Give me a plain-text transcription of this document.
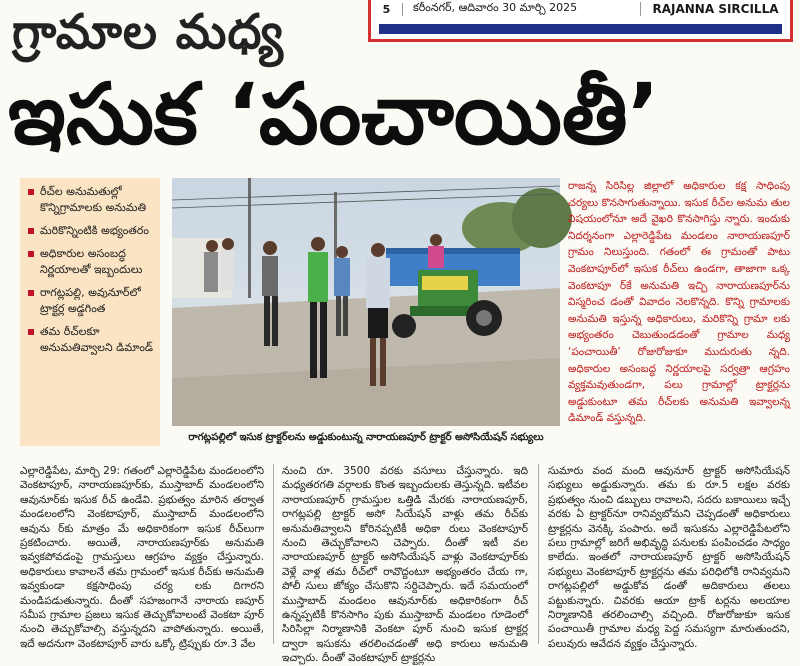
5	కరీంనగర్, ఆదివారం 30 మార్చి 2025	RAJANNA SIRCILLA
గ్రామాల మధ్య
ఇసుక ‘పంచాయితీ’
రీచ్‌ల అనుమతుల్లో కొన్నిగ్రామాలకు అనుమతి
మరికొన్నింటికి అభ్యంతరం
అధికారుల అసంబద్ధ నిర్ణయాలతో ఇబ్బందులు
రాగట్లపల్లి, అవునూర్‌లో ట్రాక్టర్ల అడ్డగింత
తమ రీచ్‌లకూ అనుమతివ్వాలని డిమాండ్
రాగట్లపల్లిలో ఇసుక ట్రాక్టర్‌లను అడ్డుకుంటున్న నారాయణపూర్ ట్రాక్టర్ అసోసియేషన్ సభ్యులు
రాజన్న సిరిసిల్ల జిల్లాలో అధికారుల కక్ష సాధింపు చర్యలు కొనసాగుతున్నాయి. ఇసుక రీచ్‌ల అనుమ తుల విషయంలోనూ అదే వైఖరి కొనసాగిస్తు న్నారు. ఇందుకు నిదర్శనంగా ఎల్లారెడ్డిపేట మండలం నారాయణపూర్ గ్రామం నిలుస్తుంది. గతంలో ఈ గ్రామంతో పాటు వెంకటాపూర్‌లో ఇసుక రీచ్‌లు ఉండగా, తాజాగా ఒక్క వెంకటాపూ ర్‌కే అనుమతి ఇచ్చి నారాయణపూర్‌ను విస్మరించ డంతో వివాదం నెలకొన్నది. కొన్ని గ్రామాలకు అనుమతి ఇస్తున్న అధికారులు, మరికొన్ని గ్రామా లకు అభ్యంతరం చెబుతుండడంతో గ్రామాల మధ్య ‘పంచాయితీ’ రోజురోజుకూ ముదురుతు న్నది. అధికారుల అసంబద్ధ నిర్ణయాలపై సర్వత్రా ఆగ్రహం వ్యక్తమవుతుండగా, పలు గ్రామాల్లో ట్రాక్టర్లను అడ్డుకుంటూ తమ రీచ్‌లకు అనుమతి ఇవ్వాలన్న డిమాండ్ వస్తున్నది.
ఎల్లారెడ్డిపేట, మార్చి 29: గతంలో ఎల్లారెడ్డిపేట మండలంలోని వెంకటాపూర్, నారాయణపూర్‌కు, ముస్తాబాద్ మండలంలోని ఆవునూర్‌కు ఇసుక రీచ్ ఉండేవి. ప్రభుత్వం మారిన తర్వాత మండలంలోని వెంకటాపూర్, ముస్తాబాద్ మండలంలోని ఆవును ర్‌కు మాత్రం మే అధికారికంగా ఇసుక రీచ్‌లుగా ప్రకటించారు. అయితే, నారాయణపూర్‌కు అనుమతి ఇవ్వకపోవడంపై గ్రామస్తులు ఆగ్రహం వ్యక్తం చేస్తున్నారు. అధికారులు కావాలనే తమ గ్రామంలో ఇసుక రీచ్‌కు అనుమతి ఇవ్వకుండా కక్షసాధింపు చర్య లకు దిగారని మండిపడుతున్నారు. దీంతో సహజంగానే నారాయ ణపూర్ సమీప గ్రామాల ప్రజలు ఇసుక తెచ్చుకోవాలంటే వెంకటా పూర్ నుంచి తెచ్చుకోవాల్సి వస్తున్నదని వాపోతున్నారు. అయితే, ఇదే అదనుగా వెంకటాపూర్ వారు ఒక్కో ట్రిప్పుకు రూ.3 వేల
నుంచి రూ. 3500 వరకు వసూలు చేస్తున్నారు. ఇది మధ్యతరగతి వర్గాలకు కొంత ఇబ్బందులకు తెస్తున్నది. ఇటీవల నారాయణపూర్ గ్రామస్తుల ఒత్తిడి మేరకు నారాయణపూర్, రాగట్లపల్లి ట్రాక్టర్ అసో సియేషన్ వాళ్లు తమ రీచ్‌కు అనుమతివ్వాలని కోరినప్పటికీ అధికా రులు వెంకటాపూర్ నుంచి తెచ్చుకోవాలని చెప్పారు. దీంతో ఇటీ వల నారాయణపూర్ ట్రాక్టర్ అసోసియేషన్ వాళ్లు వెంకటాపూర్‌కు వెళ్లే వాళ్ల తమ రీచ్‌లో రావొద్దంటూ అభ్యంతరం చేయ గా, పోలీ సులు జోక్యం చేసుకొని సర్దిచెప్పారు. ఇదే సమయంలో ముస్తాబాద్ మండలం ఆవునూర్‌కు అధికారికంగా రీచ్ ఉన్నప్పటికీ కొనసాగిం పుకు ముస్తాబాద్ మండలం గూడెంలో సిరిసిల్లా నిర్మాణానికి వెంకటా పూర్ నుంచి ఇసుక ట్రాక్టర్ల ద్వారా ఇసుకను తరలించడంతో అధి కారులు అనుమతి ఇచ్చారు. దీంతో వెంకటాపూర్ ట్రాక్టర్లను
సుమారు వంద మంది ఆవునూర్ ట్రాక్టర్ అసోసియేషన్ సభ్యులు అడ్డుకున్నారు. తమ కు రూ.5 లక్షల వరకు ప్రభుత్వం నుంచి డబ్బులు రావాలని, సదరు బకాయిలు ఇచ్చే వరకు ఏ ట్రాక్టర్‌నూ రానివ్వబోమని చెప్పడంతో అధికారులు ట్రాక్టర్లను వెనక్కి పంపారు. అదే ఇసుకను ఎల్లారెడ్డిపేటలోని పలు గ్రామాల్లో జరిగే అభివృద్ధి పనులకు పంపించడం సాధ్యం కాలేదు. ఇంతలో నారాయణపూర్ ట్రాక్టర్ అసోసియేషన్ సభ్యులు వెంకటాపూర్ ట్రాక్టర్లను తమ పరిధిలోకి రానివ్వమని రాగట్లపల్లిలో అడ్డుకోవ డంతో అదికారులు తలలు పట్టుకున్నారు. చివరకు ఆయా ట్రాక్ టర్లను అలయాల నిర్మాణానికి తరలించాల్సి వచ్చింది. రోజురోజుకూ ఇసుక పంచాయితీ గ్రామాల మధ్య పెద్ద సమస్యగా మారుతుందని, పలువురు ఆవేదన వ్యక్తం చేస్తున్నారు.
